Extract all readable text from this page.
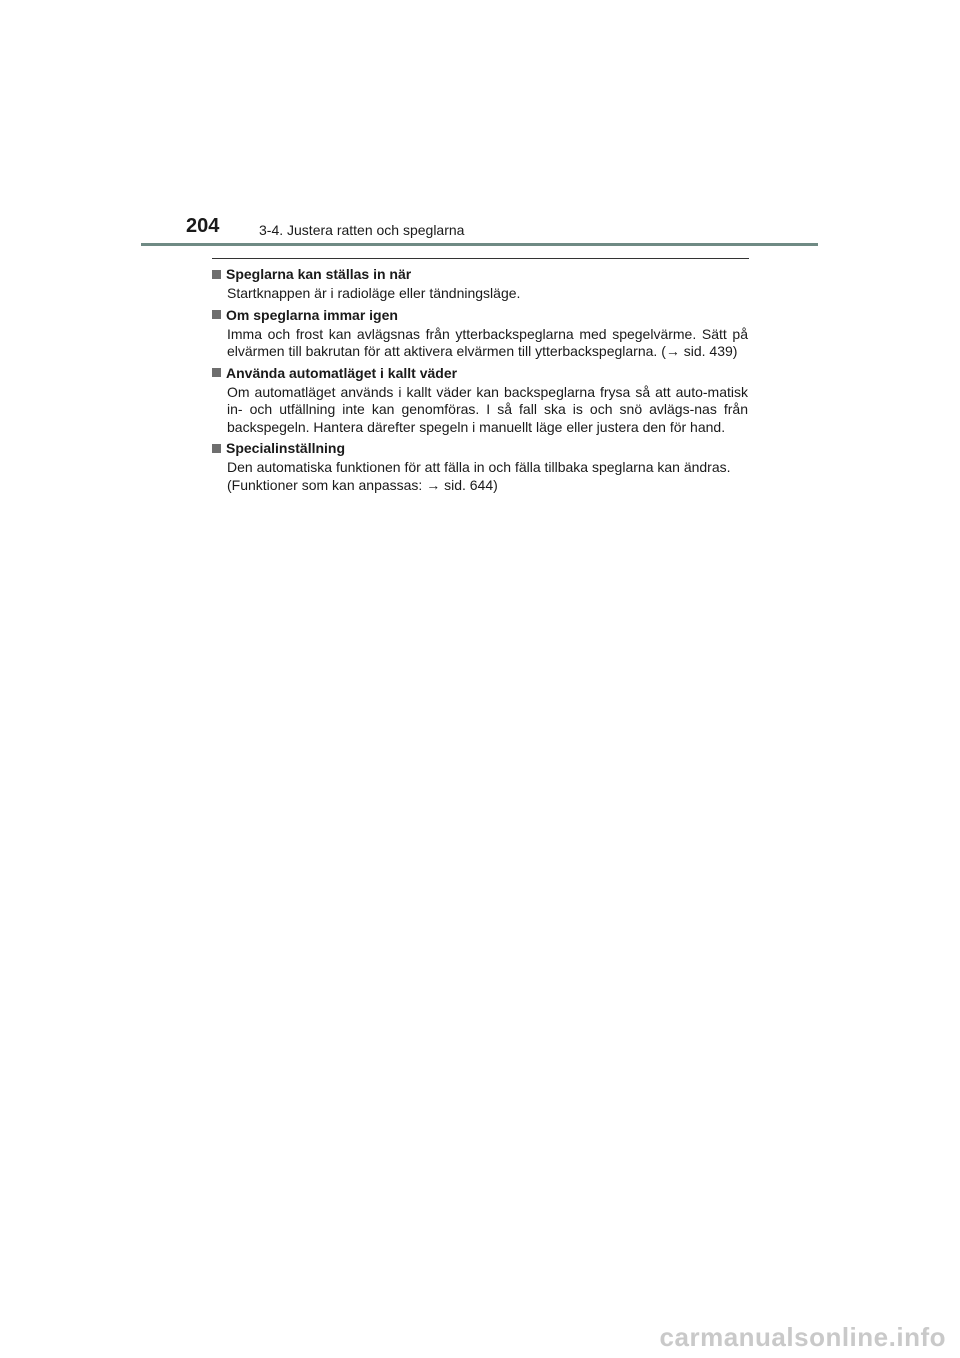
204	3-4. Justera ratten och speglarna
Speglarna kan ställas in när

Startknappen är i radioläge eller tändningsläge.

Om speglarna immar igen

Imma och frost kan avlägsnas från ytterbackspeglarna med spegelvärme. Sätt på elvärmen till bakrutan för att aktivera elvärmen till ytterbackspeglarna. (→ sid. 439)

Använda automatläget i kallt väder

Om automatläget används i kallt väder kan backspeglarna frysa så att auto-matisk in- och utfällning inte kan genomföras. I så fall ska is och snö avlägs-nas från backspegeln. Hantera därefter spegeln i manuellt läge eller justera den för hand.

Specialinställning

Den automatiska funktionen för att fälla in och fälla tillbaka speglarna kan ändras.

(Funktioner som kan anpassas: → sid. 644)

carmanualsonline.info
